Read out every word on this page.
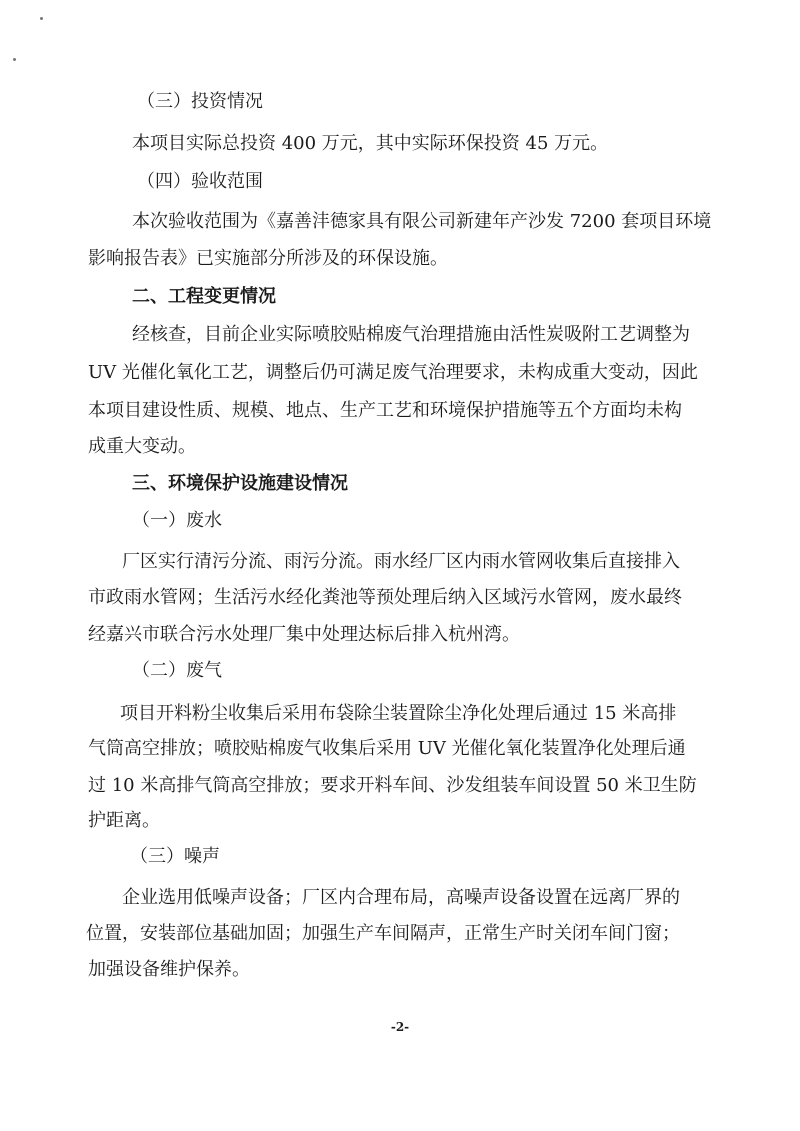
（三）投资情况
本项目实际总投资 400 万元，其中实际环保投资 45 万元。
（四）验收范围
本次验收范围为《嘉善沣德家具有限公司新建年产沙发 7200 套项目环境
影响报告表》已实施部分所涉及的环保设施。
二、工程变更情况
经核查，目前企业实际喷胶贴棉废气治理措施由活性炭吸附工艺调整为
UV 光催化氧化工艺，调整后仍可满足废气治理要求，未构成重大变动，因此
本项目建设性质、规模、地点、生产工艺和环境保护措施等五个方面均未构
成重大变动。
三、环境保护设施建设情况
（一）废水
厂区实行清污分流、雨污分流。雨水经厂区内雨水管网收集后直接排入
市政雨水管网；生活污水经化粪池等预处理后纳入区域污水管网，废水最终
经嘉兴市联合污水处理厂集中处理达标后排入杭州湾。
（二）废气
项目开料粉尘收集后采用布袋除尘装置除尘净化处理后通过 15 米高排
气筒高空排放；喷胶贴棉废气收集后采用 UV 光催化氧化装置净化处理后通
过 10 米高排气筒高空排放；要求开料车间、沙发组装车间设置 50 米卫生防
护距离。
（三）噪声
企业选用低噪声设备；厂区内合理布局，高噪声设备设置在远离厂界的
位置，安装部位基础加固；加强生产车间隔声，正常生产时关闭车间门窗；
加强设备维护保养。
-2-
